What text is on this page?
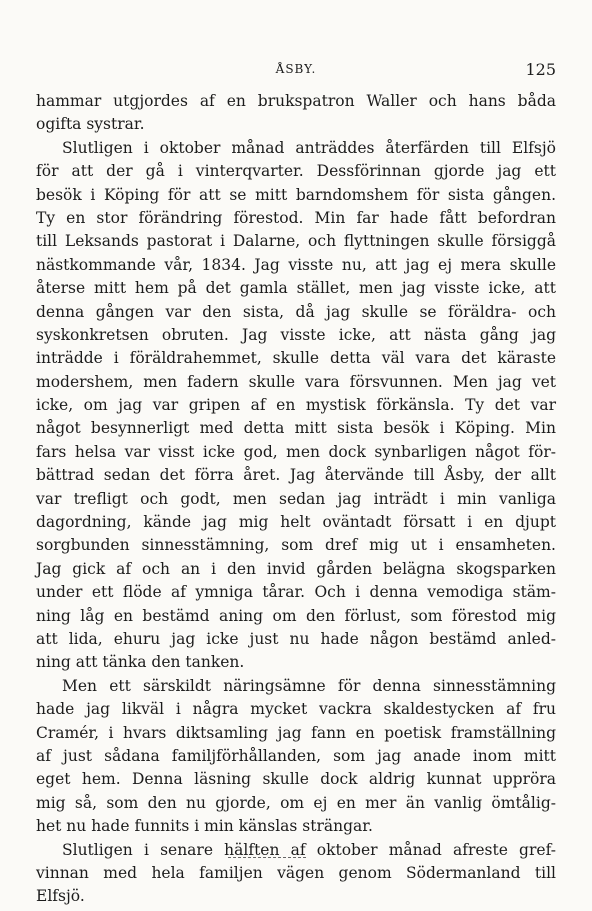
ÅSBY.	125
hammar utgjordes af en brukspatron Waller och hans båda
ogifta systrar.
Slutligen i oktober månad anträddes återfärden till Elfsjö
för att der gå i vinterqvarter. Dessförinnan gjorde jag ett
besök i Köping för att se mitt barndomshem för sista gången.
Ty en stor förändring förestod. Min far hade fått befordran
till Leksands pastorat i Dalarne, och flyttningen skulle försiggå
nästkommande vår, 1834. Jag visste nu, att jag ej mera skulle
återse mitt hem på det gamla stället, men jag visste icke, att
denna gången var den sista, då jag skulle se föräldra- och
syskonkretsen obruten. Jag visste icke, att nästa gång jag
inträdde i föräldrahemmet, skulle detta väl vara det käraste
modershem, men fadern skulle vara försvunnen. Men jag vet
icke, om jag var gripen af en mystisk förkänsla. Ty det var
något besynnerligt med detta mitt sista besök i Köping. Min
fars helsa var visst icke god, men dock synbarligen något för-
bättrad sedan det förra året. Jag återvände till Åsby, der allt
var trefligt och godt, men sedan jag inträdt i min vanliga
dagordning, kände jag mig helt oväntadt försatt i en djupt
sorgbunden sinnesstämning, som dref mig ut i ensamheten.
Jag gick af och an i den invid gården belägna skogsparken
under ett flöde af ymniga tårar. Och i denna vemodiga stäm-
ning låg en bestämd aning om den förlust, som förestod mig
att lida, ehuru jag icke just nu hade någon bestämd anled-
ning att tänka den tanken.
Men ett särskildt näringsämne för denna sinnesstämning
hade jag likväl i några mycket vackra skaldestycken af fru
Cramér, i hvars diktsamling jag fann en poetisk framställning
af just sådana familjförhållanden, som jag anade inom mitt
eget hem. Denna läsning skulle dock aldrig kunnat uppröra
mig så, som den nu gjorde, om ej en mer än vanlig ömtålig-
het nu hade funnits i min känslas strängar.
Slutligen i senare hälften af oktober månad afreste gref-
vinnan med hela familjen vägen genom Södermanland till
Elfsjö.
